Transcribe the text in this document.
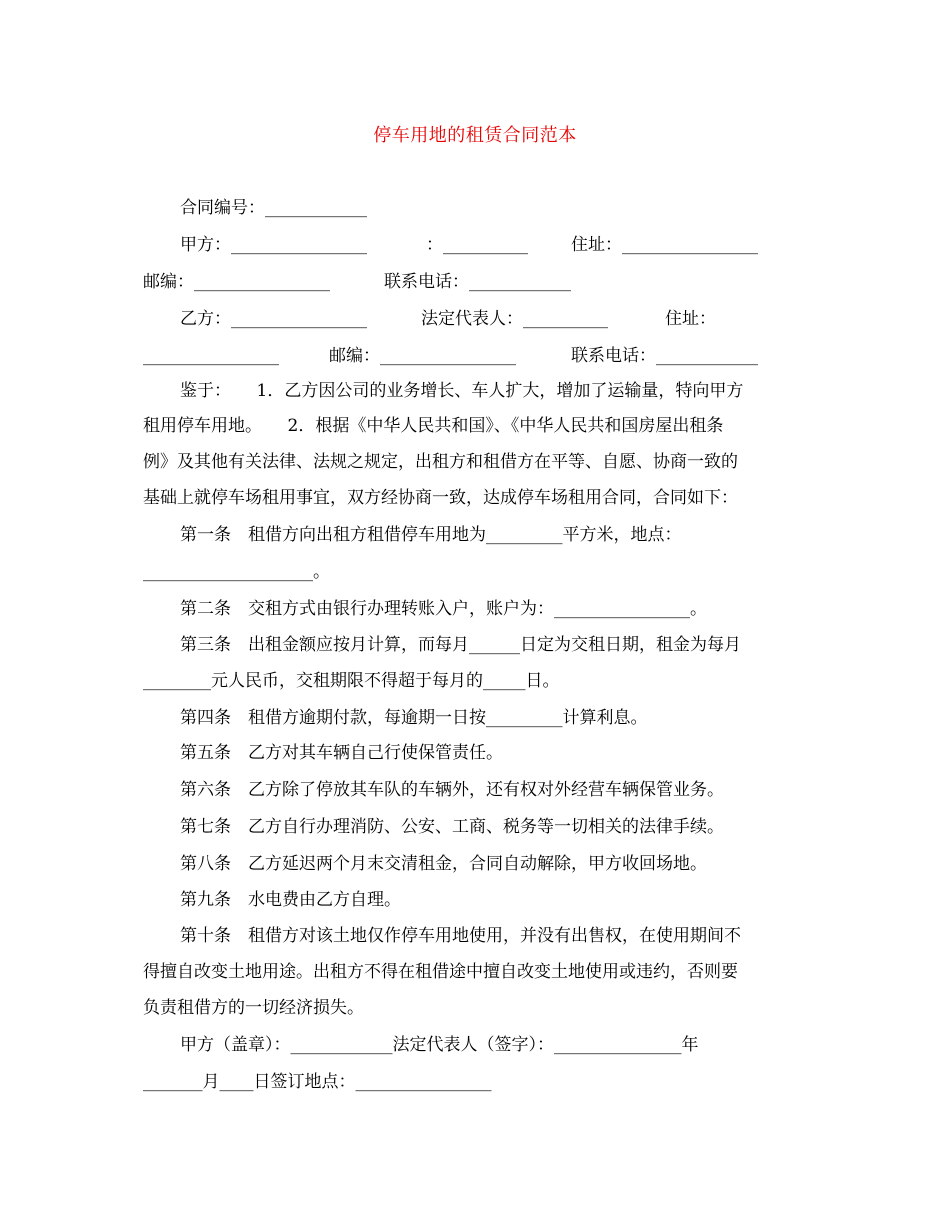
停车用地的租赁合同范本
合同编号：____________
甲方：________________	：__________	住址：________________
邮编：________________	联系电话：____________
乙方：________________	法定代表人：__________	住址：
________________	邮编：________________	联系电话：____________
鉴于：　　1．乙方因公司的业务增长、车人扩大，增加了运输量，特向甲方
租用停车用地。　　2．根据《中华人民共和国》、《中华人民共和国房屋出租条
例》及其他有关法律、法规之规定，出租方和租借方在平等、自愿、协商一致的
基础上就停车场租用事宜，双方经协商一致，达成停车场租用合同，合同如下：
第一条　租借方向出租方租借停车用地为_________平方米，地点：
____________________。
第二条　交租方式由银行办理转账入户，账户为：________________。
第三条　出租金额应按月计算，而每月______日定为交租日期，租金为每月
________元人民币，交租期限不得超于每月的_____日。
第四条　租借方逾期付款，每逾期一日按_________计算利息。
第五条　乙方对其车辆自己行使保管责任。
第六条　乙方除了停放其车队的车辆外，还有权对外经营车辆保管业务。
第七条　乙方自行办理消防、公安、工商、税务等一切相关的法律手续。
第八条　乙方延迟两个月末交清租金，合同自动解除，甲方收回场地。
第九条　水电费由乙方自理。
第十条　租借方对该土地仅作停车用地使用，并没有出售权，在使用期间不
得擅自改变土地用途。出租方不得在租借途中擅自改变土地使用或违约，否则要
负责租借方的一切经济损失。
甲方（盖章）：____________法定代表人（签字）：_______________年
_______月____日签订地点：________________
